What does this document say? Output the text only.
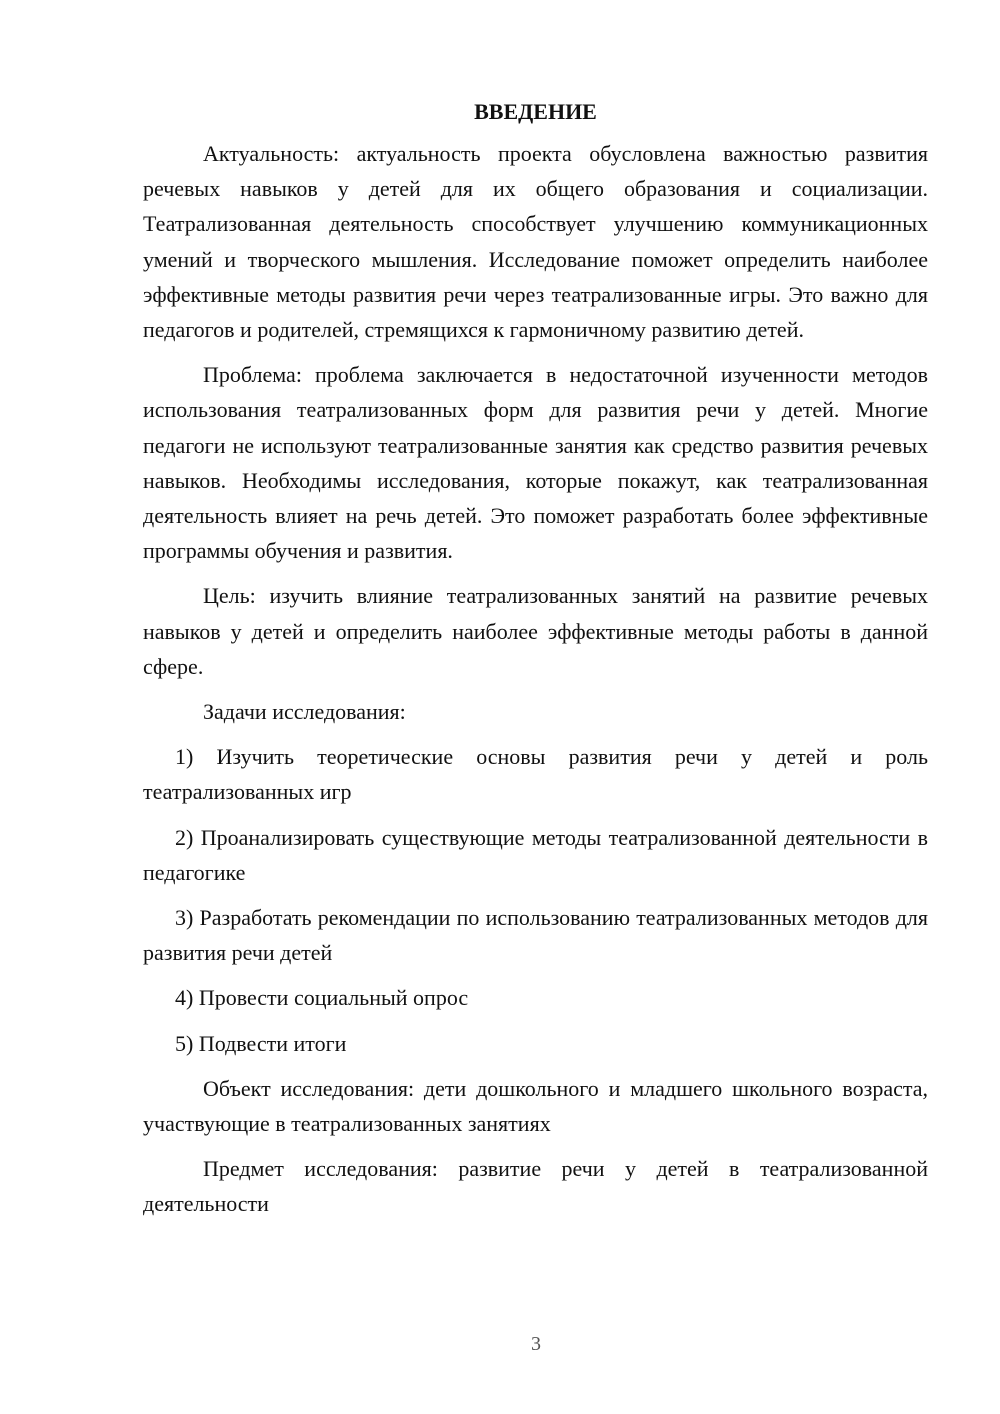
ВВЕДЕНИЕ

Актуальность: актуальность проекта обусловлена важностью развития речевых навыков у детей для их общего образования и социализации. Театрализованная деятельность способствует улучшению коммуникационных умений и творческого мышления. Исследование поможет определить наиболее эффективные методы развития речи через театрализованные игры. Это важно для педагогов и родителей, стремящихся к гармоничному развитию детей.

Проблема: проблема заключается в недостаточной изученности методов использования театрализованных форм для развития речи у детей. Многие педагоги не используют театрализованные занятия как средство развития речевых навыков. Необходимы исследования, которые покажут, как театрализованная деятельность влияет на речь детей. Это поможет разработать более эффективные программы обучения и развития.

Цель: изучить влияние театрализованных занятий на развитие речевых навыков у детей и определить наиболее эффективные методы работы в данной сфере.

Задачи исследования:

1) Изучить теоретические основы развития речи у детей и роль театрализованных игр

2) Проанализировать существующие методы театрализованной деятельности в педагогике

3) Разработать рекомендации по использованию театрализованных методов для развития речи детей

4) Провести социальный опрос

5) Подвести итоги

Объект исследования: дети дошкольного и младшего школьного возраста, участвующие в театрализованных занятиях

Предмет исследования: развитие речи у детей в театрализованной деятельности

3
